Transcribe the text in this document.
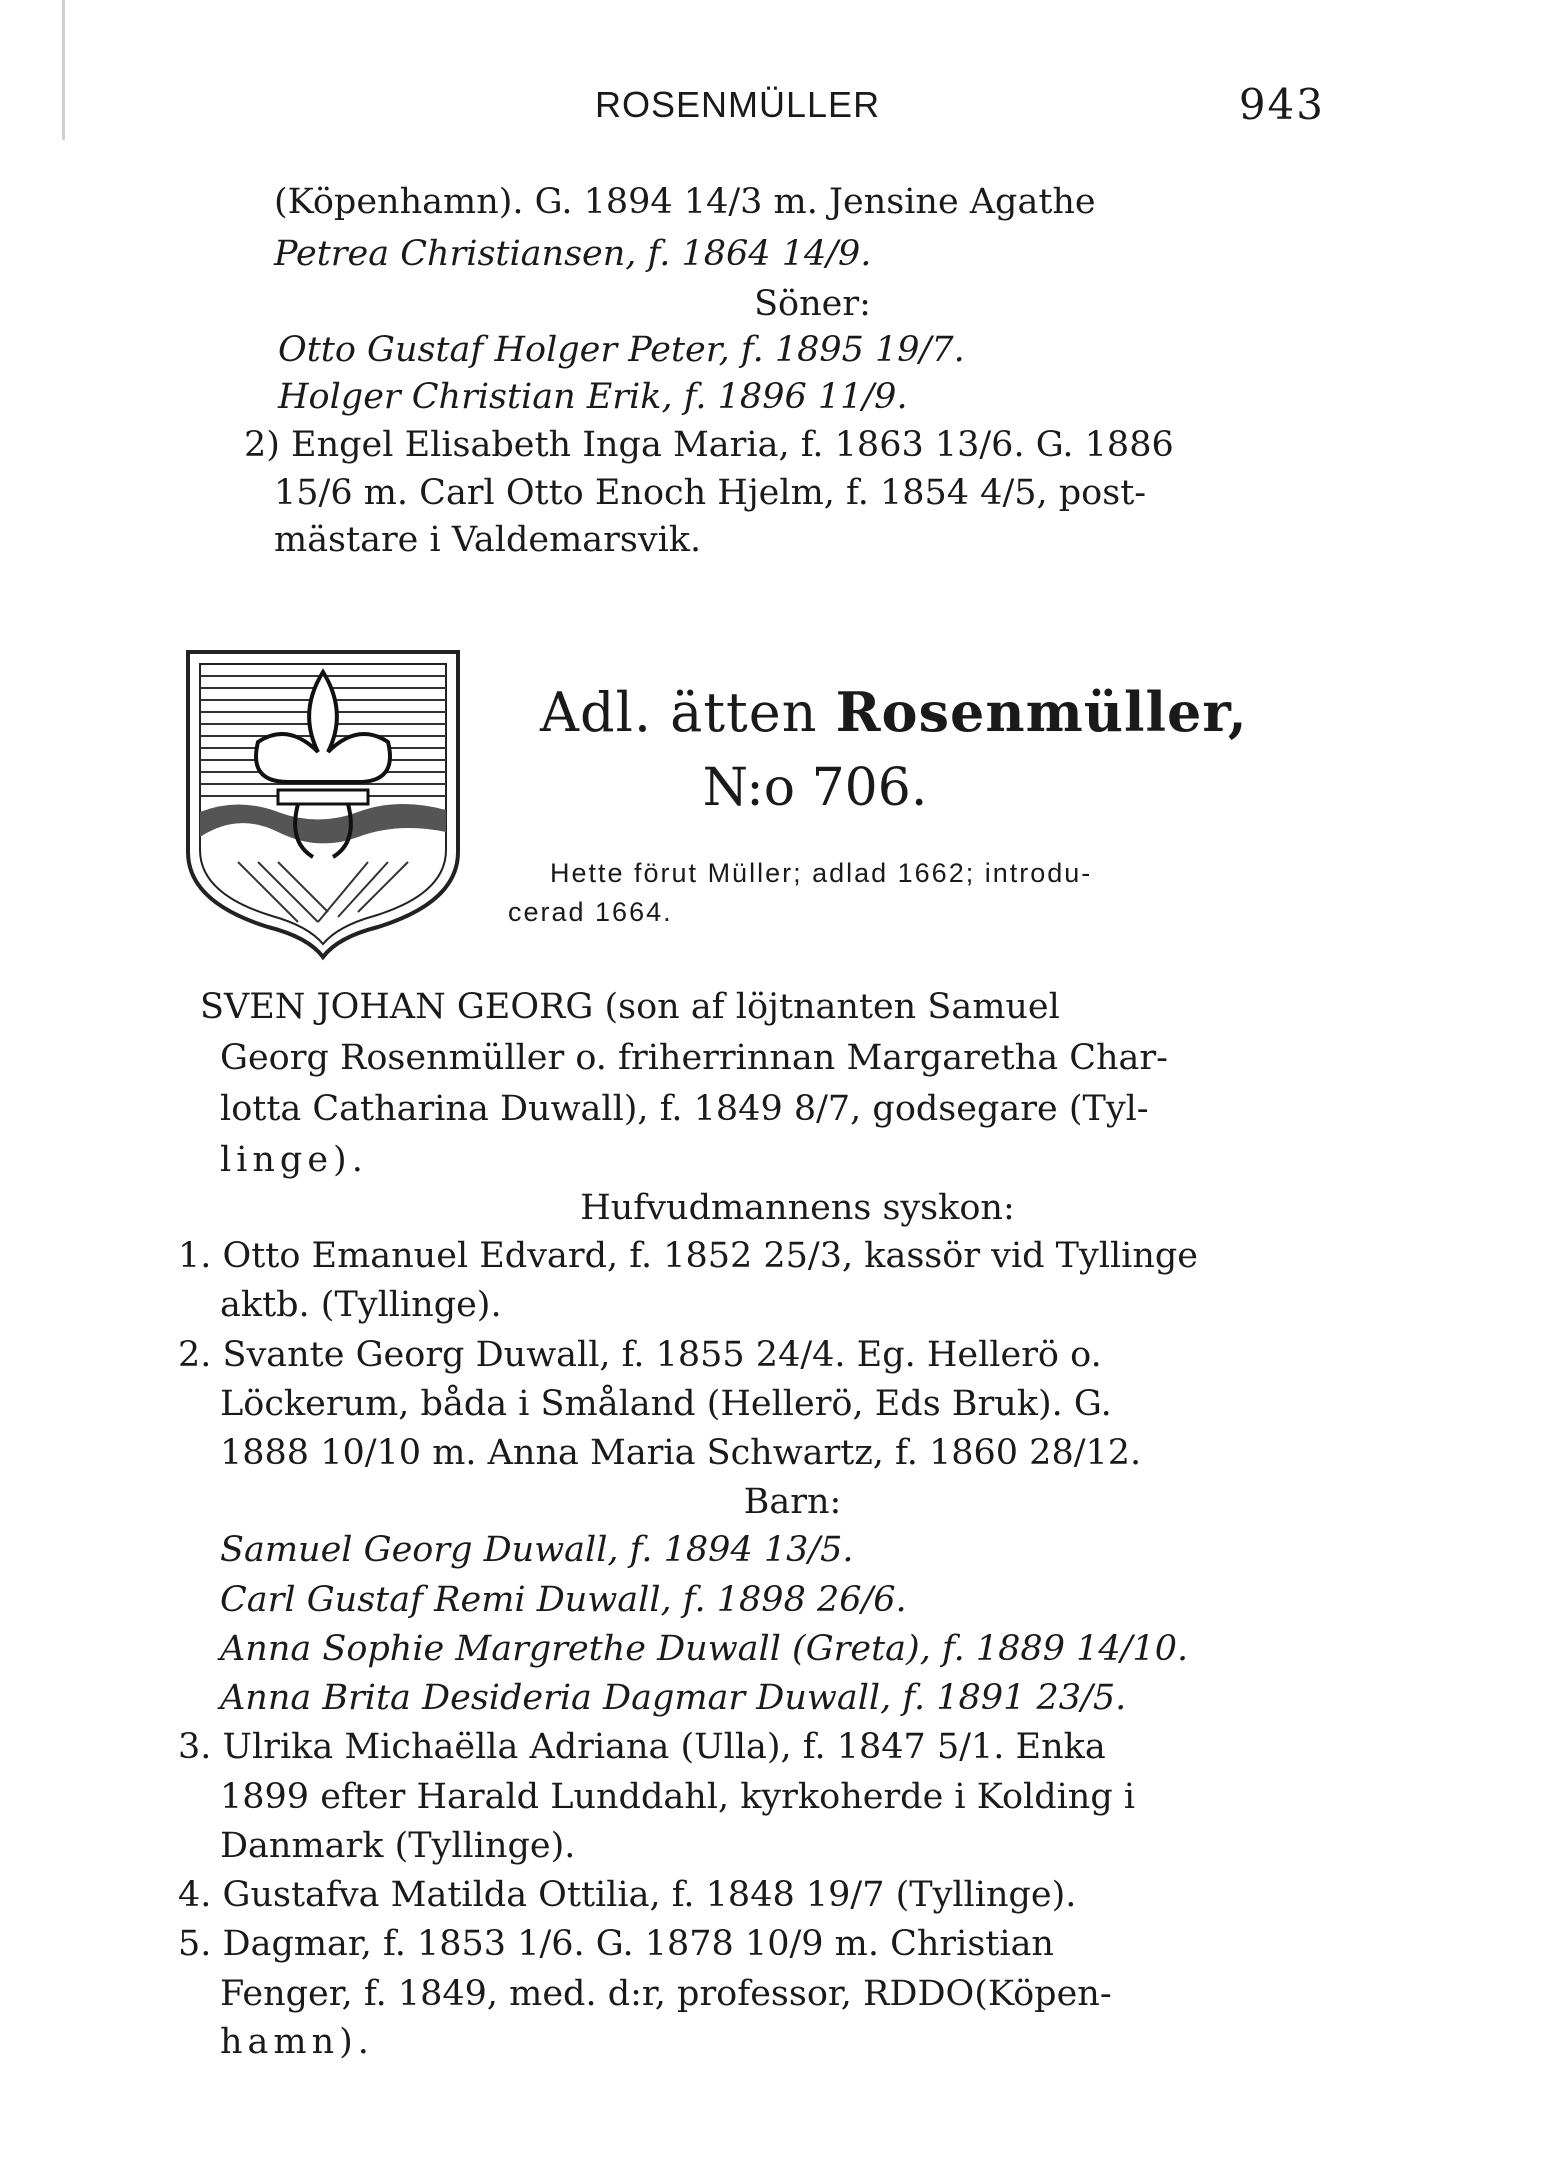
ROSENMÜLLER	943
(Köpenhamn). G. 1894 14/3 m. Jensine Agathe
Petrea Christiansen, f. 1864 14/9.
Söner:
Otto Gustaf Holger Peter, f. 1895 19/7.
Holger Christian Erik, f. 1896 11/9.
2) Engel Elisabeth Inga Maria, f. 1863 13/6. G. 1886
15/6 m. Carl Otto Enoch Hjelm, f. 1854 4/5, post-
mästare i Valdemarsvik.
Adl. ätten Rosenmüller,
N:o 706.
Hette förut Müller; adlad 1662; introdu-
cerad 1664.
SVEN JOHAN GEORG (son af löjtnanten Samuel
Georg Rosenmüller o. friherrinnan Margaretha Char-
lotta Catharina Duwall), f. 1849 8/7, godsegare (Tyl-
linge).
Hufvudmannens syskon:
1. Otto Emanuel Edvard, f. 1852 25/3, kassör vid Tyllinge
aktb. (Tyllinge).
2. Svante Georg Duwall, f. 1855 24/4. Eg. Hellerö o.
Löckerum, båda i Småland (Hellerö, Eds Bruk). G.
1888 10/10 m. Anna Maria Schwartz, f. 1860 28/12.
Barn:
Samuel Georg Duwall, f. 1894 13/5.
Carl Gustaf Remi Duwall, f. 1898 26/6.
Anna Sophie Margrethe Duwall (Greta), f. 1889 14/10.
Anna Brita Desideria Dagmar Duwall, f. 1891 23/5.
3. Ulrika Michaëlla Adriana (Ulla), f. 1847 5/1. Enka
1899 efter Harald Lunddahl, kyrkoherde i Kolding i
Danmark (Tyllinge).
4. Gustafva Matilda Ottilia, f. 1848 19/7 (Tyllinge).
5. Dagmar, f. 1853 1/6. G. 1878 10/9 m. Christian
Fenger, f. 1849, med. d:r, professor, RDDO(Köpen-
hamn).
